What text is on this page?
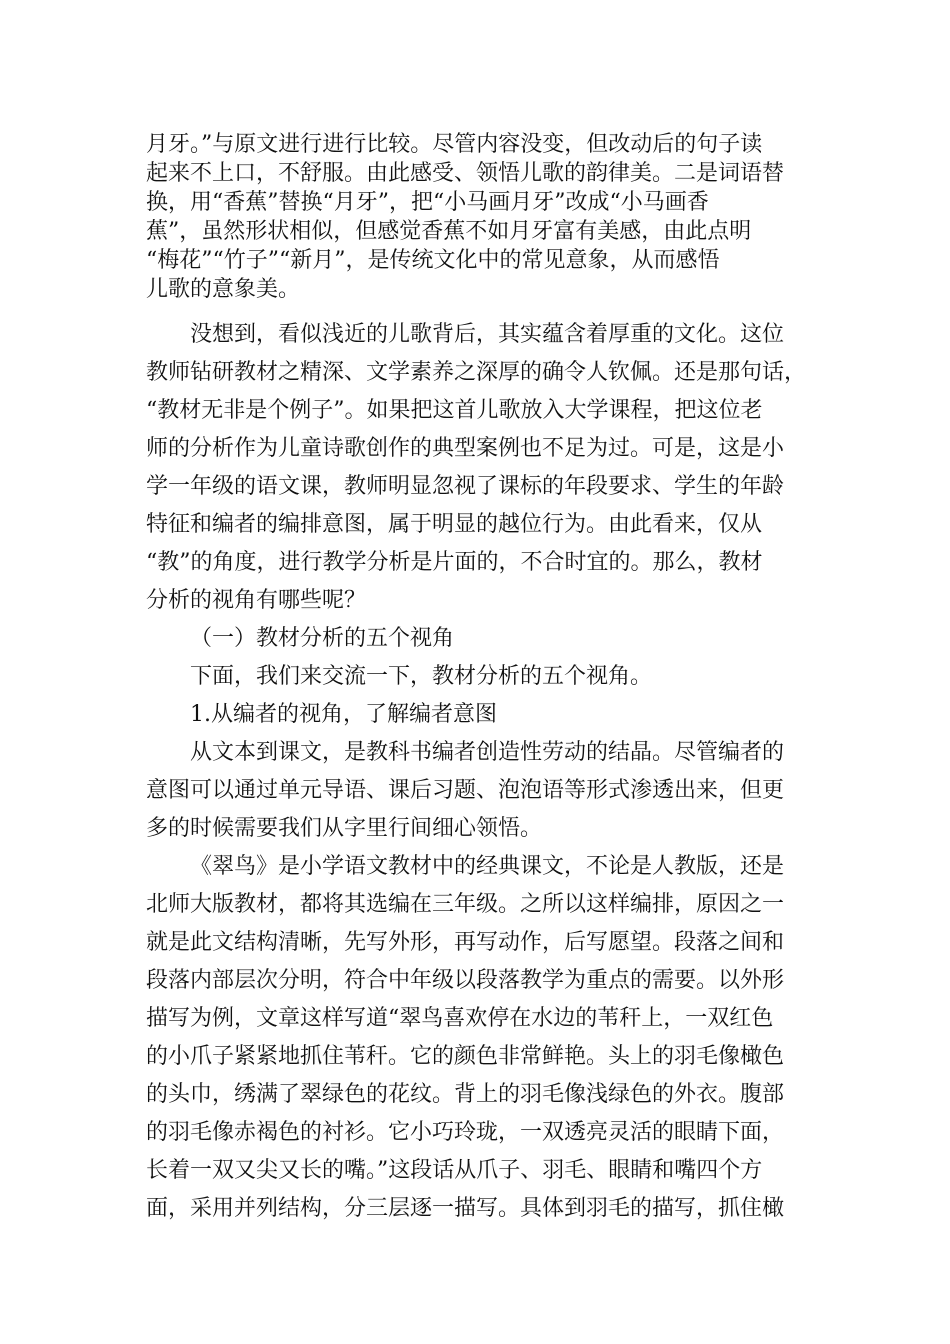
月牙。”与原文进行进行比较。尽管内容没变，但改动后的句子读
起来不上口，不舒服。由此感受、领悟儿歌的韵律美。二是词语替
换，用“香蕉”替换“月牙”，把“小马画月牙”改成“小马画香
蕉”，虽然形状相似，但感觉香蕉不如月牙富有美感，由此点明
“梅花”“竹子”“新月”，是传统文化中的常见意象，从而感悟
儿歌的意象美。
没想到，看似浅近的儿歌背后，其实蕴含着厚重的文化。这位
教师钻研教材之精深、文学素养之深厚的确令人钦佩。还是那句话，
“教材无非是个例子”。如果把这首儿歌放入大学课程，把这位老
师的分析作为儿童诗歌创作的典型案例也不足为过。可是，这是小
学一年级的语文课，教师明显忽视了课标的年段要求、学生的年龄
特征和编者的编排意图，属于明显的越位行为。由此看来，仅从
“教”的角度，进行教学分析是片面的，不合时宜的。那么，教材
分析的视角有哪些呢？
（一）教材分析的五个视角
下面，我们来交流一下，教材分析的五个视角。
1.从编者的视角，了解编者意图
从文本到课文，是教科书编者创造性劳动的结晶。尽管编者的
意图可以通过单元导语、课后习题、泡泡语等形式渗透出来，但更
多的时候需要我们从字里行间细心领悟。
《翠鸟》是小学语文教材中的经典课文，不论是人教版，还是
北师大版教材，都将其选编在三年级。之所以这样编排，原因之一
就是此文结构清晰，先写外形，再写动作，后写愿望。段落之间和
段落内部层次分明，符合中年级以段落教学为重点的需要。以外形
描写为例，文章这样写道“翠鸟喜欢停在水边的苇秆上，一双红色
的小爪子紧紧地抓住苇秆。它的颜色非常鲜艳。头上的羽毛像橄色
的头巾，绣满了翠绿色的花纹。背上的羽毛像浅绿色的外衣。腹部
的羽毛像赤褐色的衬衫。它小巧玲珑，一双透亮灵活的眼睛下面，
长着一双又尖又长的嘴。”这段话从爪子、羽毛、眼睛和嘴四个方
面，采用并列结构，分三层逐一描写。具体到羽毛的描写，抓住橄
